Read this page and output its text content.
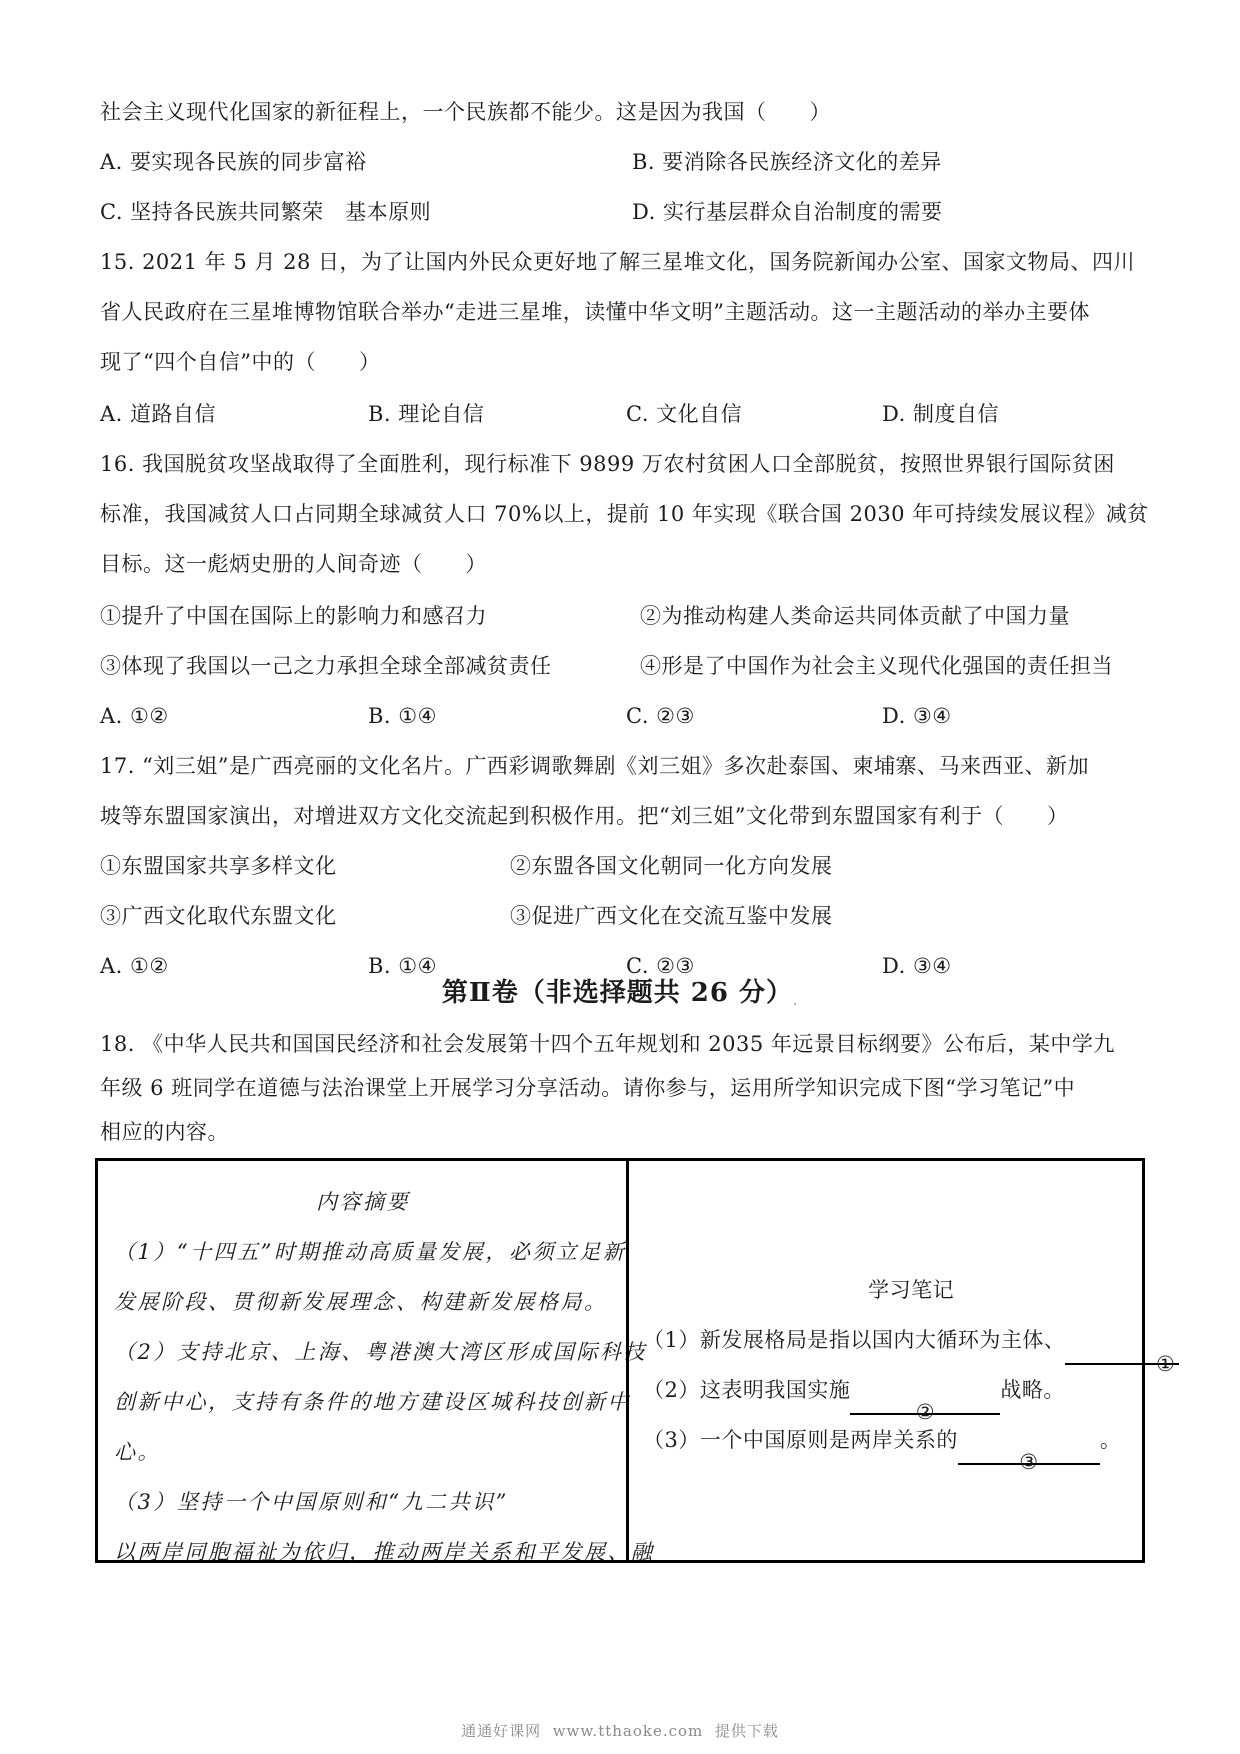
社会主义现代化国家的新征程上，一个民族都不能少。这是因为我国（　　）
A. 要实现各民族的同步富裕	B. 要消除各民族经济文化的差异
C. 坚持各民族共同繁荣　基本原则	D. 实行基层群众自治制度的需要
15. 2021 年 5 月 28 日，为了让国内外民众更好地了解三星堆文化，国务院新闻办公室、国家文物局、四川
省人民政府在三星堆博物馆联合举办“走进三星堆，读懂中华文明”主题活动。这一主题活动的举办主要体
现了“四个自信”中的（　　）
A. 道路自信	B. 理论自信	C. 文化自信	D. 制度自信
16. 我国脱贫攻坚战取得了全面胜利，现行标准下 9899 万农村贫困人口全部脱贫，按照世界银行国际贫困
标准，我国减贫人口占同期全球减贫人口 70%以上，提前 10 年实现《联合国 2030 年可持续发展议程》减贫
目标。这一彪炳史册的人间奇迹（　　）
①提升了中国在国际上的影响力和感召力	②为推动构建人类命运共同体贡献了中国力量
③体现了我国以一己之力承担全球全部减贫责任	④形是了中国作为社会主义现代化强国的责任担当
A. ①②	B. ①④	C. ②③	D. ③④
17. “刘三姐”是广西亮丽的文化名片。广西彩调歌舞剧《刘三姐》多次赴泰国、柬埔寨、马来西亚、新加
坡等东盟国家演出，对增进双方文化交流起到积极作用。把“刘三姐”文化带到东盟国家有利于（　　）
①东盟国家共享多样文化	②东盟各国文化朝同一化方向发展
③广西文化取代东盟文化	③促进广西文化在交流互鉴中发展
A. ①②	B. ①④	C. ②③	D. ③④
第Ⅱ卷（非选择题共 26 分）.
18. 《中华人民共和国国民经济和社会发展第十四个五年规划和 2035 年远景目标纲要》公布后，某中学九
年级 6 班同学在道德与法治课堂上开展学习分享活动。请你参与，运用所学知识完成下图“学习笔记”中
相应的内容。
内容摘要
（1）“十四五”时期推动高质量发展，必须立足新
发展阶段、贯彻新发展理念、构建新发展格局。
（2）支持北京、上海、粤港澳大湾区形成国际科技
创新中心，支持有条件的地方建设区城科技创新中
心。
（3）坚持一个中国原则和“九二共识”
以两岸同胞福祉为依归，推动两岸关系和平发展、融
学习笔记
（1）新发展格局是指以国内大循环为主体、①
（2）这表明我国实施②战略。
（3）一个中国原则是两岸关系的③。
通通好课网  www.tthaoke.com  提供下载
